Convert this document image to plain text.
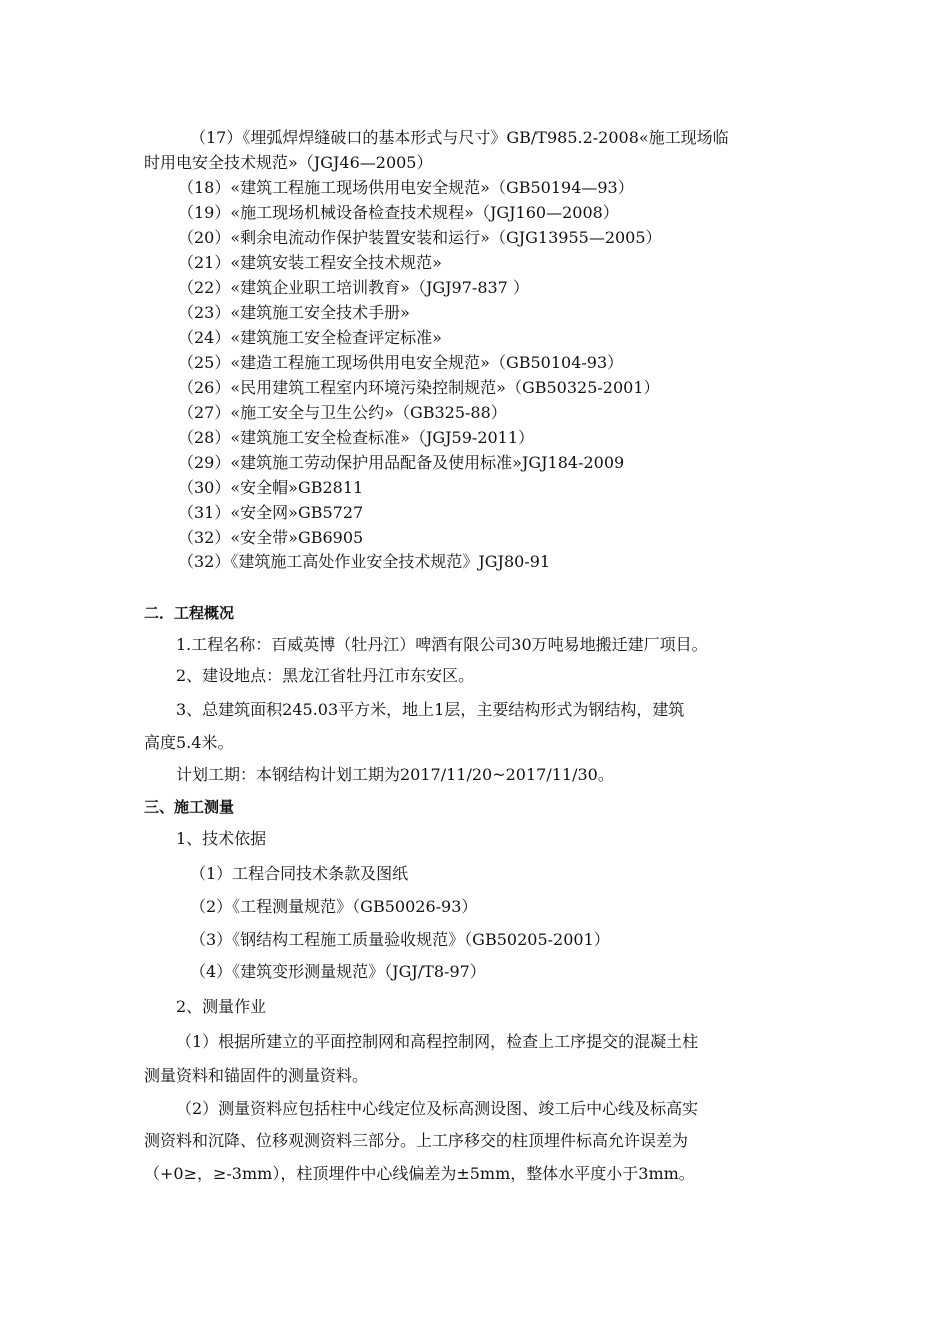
（17）《埋弧焊焊缝破口的基本形式与尺寸》GB/T985.2-2008«施工现场临
时用电安全技术规范»（JGJ46—2005）
（18）«建筑工程施工现场供用电安全规范»（GB50194—93）
（19）«施工现场机械设备检查技术规程»（JGJ160—2008）
（20）«剩余电流动作保护装置安装和运行»（GJG13955—2005）
（21）«建筑安装工程安全技术规范»
（22）«建筑企业职工培训教育»（JGJ97-837 ）
（23）«建筑施工安全技术手册»
（24）«建筑施工安全检查评定标准»
（25）«建造工程施工现场供用电安全规范»（GB50104-93）
（26）«民用建筑工程室内环境污染控制规范»（GB50325-2001）
（27）«施工安全与卫生公约»（GB325-88）
（28）«建筑施工安全检查标准»（JGJ59-2011）
（29）«建筑施工劳动保护用品配备及使用标准»JGJ184-2009
（30）«安全帽»GB2811
（31）«安全网»GB5727
（32）«安全带»GB6905
（32）《建筑施工高处作业安全技术规范》JGJ80-91
二．工程概况
1.工程名称：百威英博（牡丹江）啤酒有限公司30万吨易地搬迁建厂项目。
2、建设地点：黑龙江省牡丹江市东安区。
3、总建筑面积245.03平方米，地上1层，主要结构形式为钢结构，建筑
高度5.4米。
计划工期：本钢结构计划工期为2017/11/20~2017/11/30。
三、施工测量
1、技术依据
（1）工程合同技术条款及图纸
（2）《工程测量规范》（GB50026-93）
（3）《钢结构工程施工质量验收规范》（GB50205-2001）
（4）《建筑变形测量规范》（JGJ/T8-97）
2、测量作业
（1）根据所建立的平面控制网和高程控制网，检查上工序提交的混凝土柱
测量资料和锚固件的测量资料。
（2）测量资料应包括柱中心线定位及标高测设图、竣工后中心线及标高实
测资料和沉降、位移观测资料三部分。上工序移交的柱顶埋件标高允许误差为
（+0≥，≥-3mm），柱顶埋件中心线偏差为±5mm，整体水平度小于3mm。
